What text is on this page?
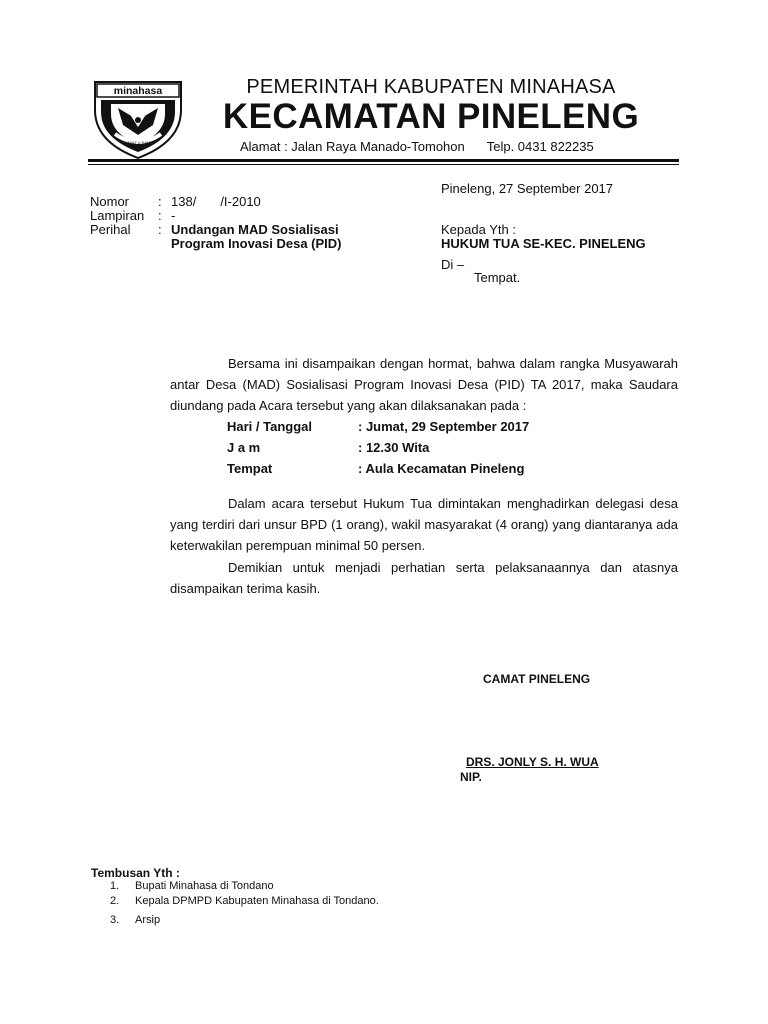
minahasa
I YAYAT U SANTI
PEMERINTAH KABUPATEN MINAHASA
KECAMATAN PINELENG
Alamat : Jalan Raya Manado-Tomohon Telp. 0431 822235
Pineleng, 27 September 2017
Nomor : 138/ /I-2010
Lampiran : -
Perihal : Undangan MAD Sosialisasi
Program Inovasi Desa (PID)
Kepada Yth :
HUKUM TUA SE-KEC. PINELENG
Di –
Tempat.
Bersama ini disampaikan dengan hormat, bahwa dalam rangka Musyawarah antar Desa (MAD) Sosialisasi Program Inovasi Desa (PID) TA 2017, maka Saudara diundang pada Acara tersebut yang akan dilaksanakan pada :
Hari / Tanggal	: Jumat, 29 September 2017
J a m	: 12.30 Wita
Tempat	: Aula Kecamatan Pineleng
Dalam acara tersebut Hukum Tua dimintakan menghadirkan delegasi desa yang terdiri dari unsur BPD (1 orang), wakil masyarakat (4 orang) yang diantaranya ada keterwakilan perempuan minimal 50 persen.
Demikian untuk menjadi perhatian serta pelaksanaannya dan atasnya disampaikan terima kasih.
CAMAT PINELENG
DRS. JONLY S. H. WUA
NIP.
Tembusan Yth :
1. Bupati Minahasa di Tondano
2. Kepala DPMPD Kabupaten Minahasa di Tondano.
3. Arsip
